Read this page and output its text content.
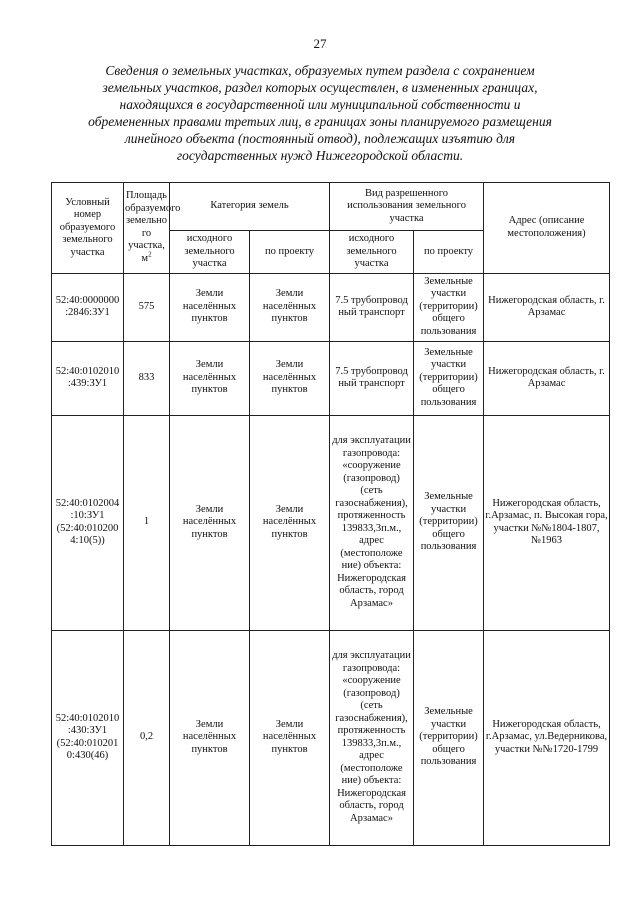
27
Сведения о земельных участках, образуемых путем раздела с сохранением
земельных участков, раздел которых осуществлен, в измененных границах,
находящихся в государственной или муниципальной собственности и
обремененных правами третьих лиц, в границах зоны планируемого размещения
линейного объекта (постоянный отвод), подлежащих изъятию для
государственных нужд Нижегородской области.
Условный номер образуемого земельного участка	Площадь образуемого земельно го участка, $м^2$	Категория земель		Вид разрешенного использования земельного участка		Адрес (описание местоположения)
		исходного земельного участка	по проекту	исходного земельного участка	по проекту	
52:40:0000000 :2846:ЗУ1	575	Земли населённых пунктов	Земли населённых пунктов	7.5 трубопровод ный транспорт	Земельные участки (территории) общего пользования	Нижегородская область, г. Арзамас
52:40:0102010 :439:ЗУ1	833	Земли населённых пунктов	Земли населённых пунктов	7.5 трубопровод ный транспорт	Земельные участки (территории) общего пользования	Нижегородская область, г. Арзамас
52:40:0102004 :10:ЗУ1 (52:40:010200 4:10(5))	1	Земли населённых пунктов	Земли населённых пунктов	для эксплуатации газопровода: «сооружение (газопровод) (сеть газоснабжения), протяженность 139833,3п.м., адрес (местоположе ние) объекта: Нижегородская область, город Арзамас»	Земельные участки (территории) общего пользования	Нижегородская область, г.Арзамас, п. Высокая гора, участки №№1804-1807, №1963
52:40:0102010 :430:ЗУ1 (52:40:010201 0:430(46)	0,2	Земли населённых пунктов	Земли населённых пунктов	для эксплуатации газопровода: «сооружение (газопровод) (сеть газоснабжения), протяженность 139833,3п.м., адрес (местоположе ние) объекта: Нижегородская область, город Арзамас»	Земельные участки (территории) общего пользования	Нижегородская область, г.Арзамас, ул.Ведерникова, участки №№1720-1799
